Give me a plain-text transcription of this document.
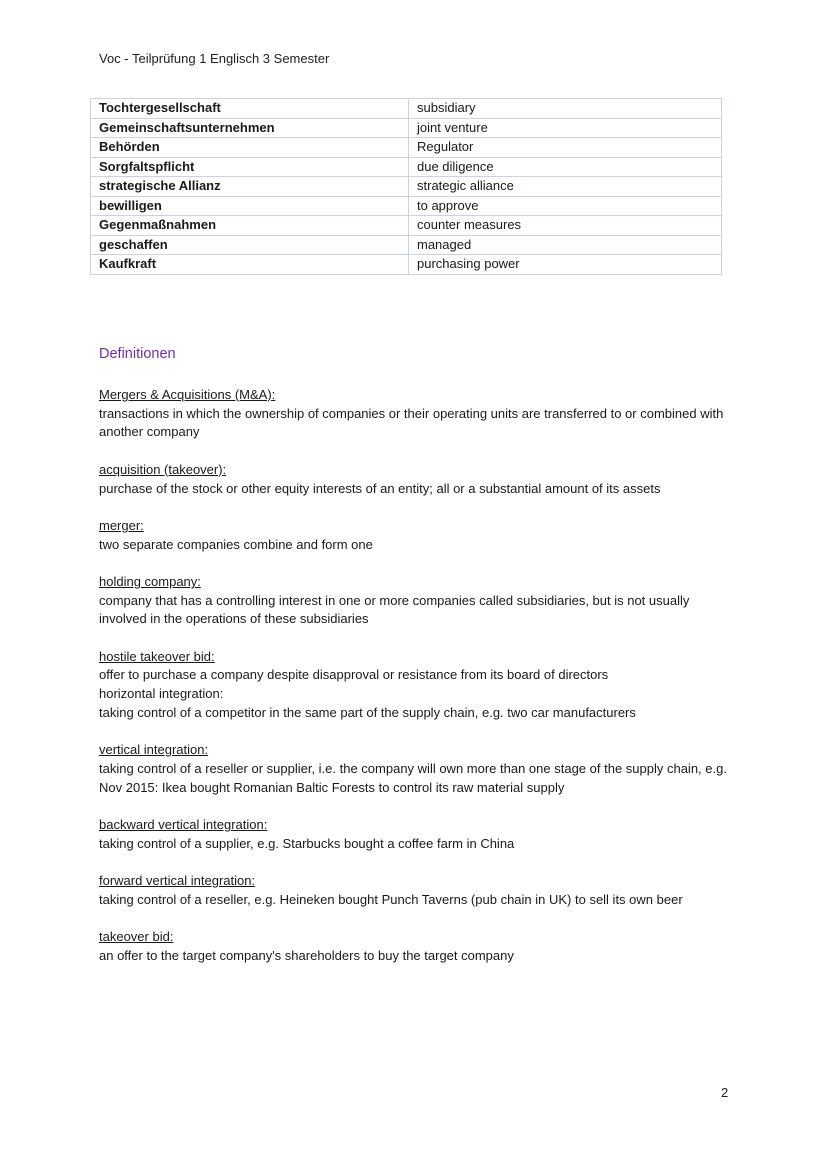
Voc - Teilprüfung 1 Englisch 3 Semester
Tochtergesellschaft	subsidiary
Gemeinschaftsunternehmen	joint venture
Behörden	Regulator
Sorgfaltspflicht	due diligence
strategische Allianz	strategic alliance
bewilligen	to approve
Gegenmaßnahmen	counter measures
geschaffen	managed
Kaufkraft	purchasing power
Definitionen
Mergers & Acquisitions (M&A):
transactions in which the ownership of companies or their operating units are transferred to or combined with another company
acquisition (takeover):
purchase of the stock or other equity interests of an entity; all or a substantial amount of its assets
merger:
two separate companies combine and form one
holding company:
company that has a controlling interest in one or more companies called subsidiaries, but is not usually involved in the operations of these subsidiaries
hostile takeover bid:
offer to purchase a company despite disapproval or resistance from its board of directors
horizontal integration:
taking control of a competitor in the same part of the supply chain, e.g. two car manufacturers
vertical integration:
taking control of a reseller or supplier, i.e. the company will own more than one stage of the supply chain, e.g. Nov 2015: Ikea bought Romanian Baltic Forests to control its raw material supply
backward vertical integration:
taking control of a supplier, e.g. Starbucks bought a coffee farm in China
forward vertical integration:
taking control of a reseller, e.g. Heineken bought Punch Taverns (pub chain in UK) to sell its own beer
takeover bid:
an offer to the target company's shareholders to buy the target company
2
